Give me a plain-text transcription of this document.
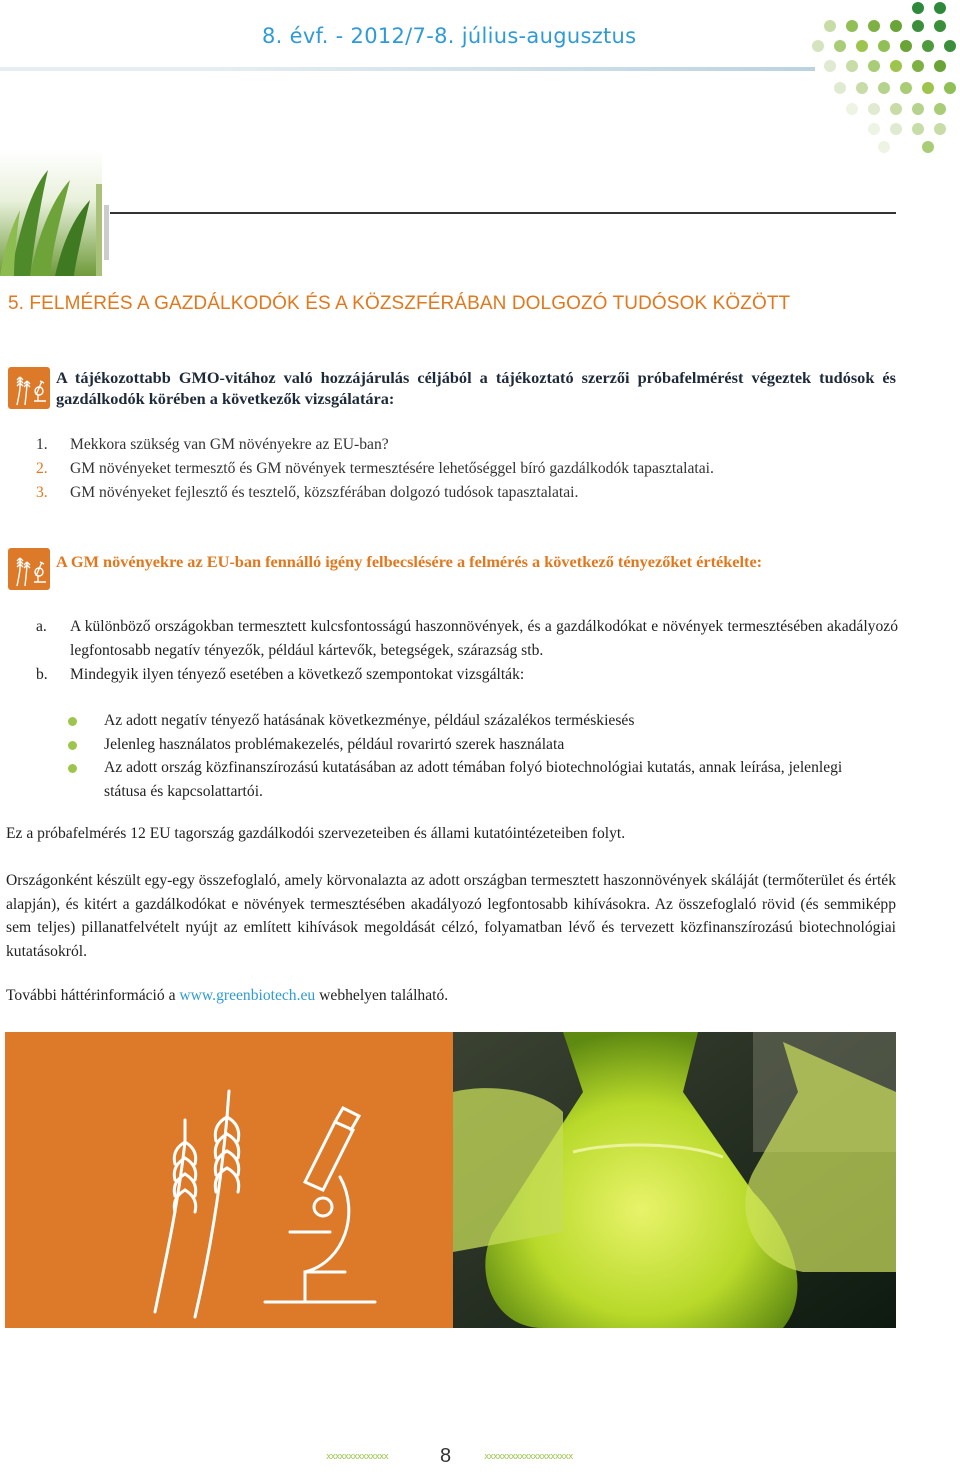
8. évf. - 2012/7-8. július-augusztus
5. FELMÉRÉS A GAZDÁLKODÓK ÉS A KÖZSZFÉRÁBAN DOLGOZÓ TUDÓSOK KÖZÖTT
A tájékozottabb GMO-vitához való hozzájárulás céljából a tájékoztató szerzői próbafelmérést végeztek tudósok és gazdálkodók körében a következők vizsgálatára:
1. Mekkora szükség van GM növényekre az EU-ban?
2. GM növényeket termesztő és GM növények termesztésére lehetőséggel bíró gazdálkodók tapasztalatai.
3. GM növényeket fejlesztő és tesztelő, közszférában dolgozó tudósok tapasztalatai.
A GM növényekre az EU-ban fennálló igény felbecslésére a felmérés a következő tényezőket értékelte:
a. A különböző országokban termesztett kulcsfontosságú haszonnövények, és a gazdálkodókat e növények termesztésében akadályozó legfontosabb negatív tényezők, például kártevők, betegségek, szárazság stb.
b. Mindegyik ilyen tényező esetében a következő szempontokat vizsgálták:
Az adott negatív tényező hatásának következménye, például százalékos terméskiesés
Jelenleg használatos problémakezelés, például rovarirtó szerek használata
Az adott ország közfinanszírozású kutatásában az adott témában folyó biotechnológiai kutatás, annak leírása, jelenlegi státusa és kapcsolattartói.
Ez a próbafelmérés 12 EU tagország gazdálkodói szervezeteiben és állami kutatóintézeteiben folyt.
Országonként készült egy-egy összefoglaló, amely körvonalazta az adott országban termesztett haszonnövények skáláját (termőterület és érték alapján), és kitért a gazdálkodókat e növények termesztésében akadályozó legfontosabb kihívásokra. Az összefoglaló rövid (és semmiképp sem teljes) pillanatfelvételt nyújt az említett kihívások megoldását célzó, folyamatban lévő és tervezett közfinanszírozású biotechnológiai kutatásokról.
További háttérinformáció a www.greenbiotech.eu webhelyen található.
xxxxxxxxxxxxxx	8	xxxxxxxxxxxxxxxxxxxx
